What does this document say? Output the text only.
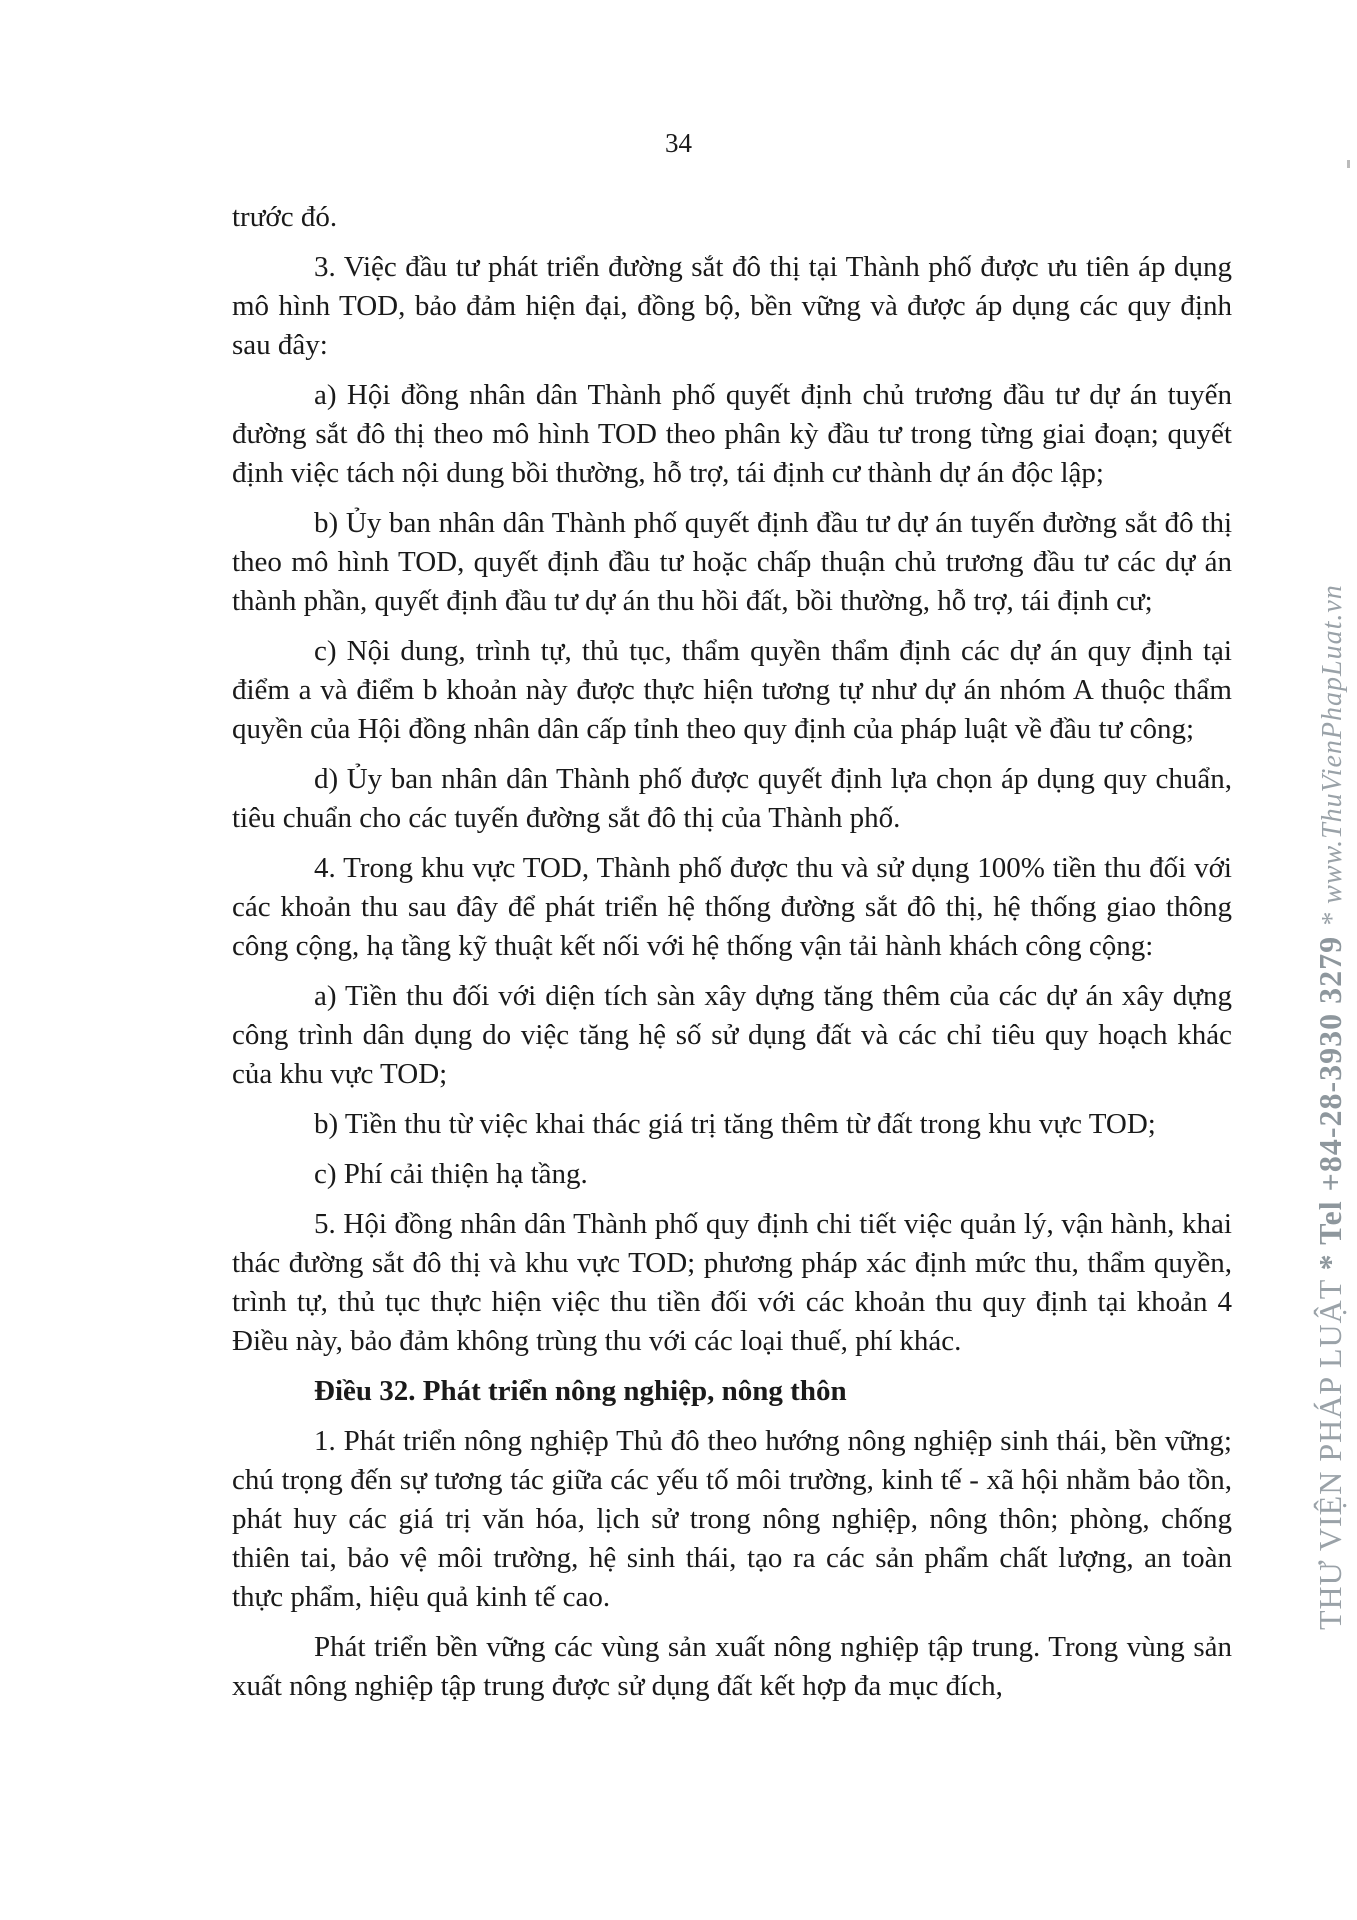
34

trước đó.

3. Việc đầu tư phát triển đường sắt đô thị tại Thành phố được ưu tiên áp dụng mô hình TOD, bảo đảm hiện đại, đồng bộ, bền vững và được áp dụng các quy định sau đây:

a) Hội đồng nhân dân Thành phố quyết định chủ trương đầu tư dự án tuyến đường sắt đô thị theo mô hình TOD theo phân kỳ đầu tư trong từng giai đoạn; quyết định việc tách nội dung bồi thường, hỗ trợ, tái định cư thành dự án độc lập;

b) Ủy ban nhân dân Thành phố quyết định đầu tư dự án tuyến đường sắt đô thị theo mô hình TOD, quyết định đầu tư hoặc chấp thuận chủ trương đầu tư các dự án thành phần, quyết định đầu tư dự án thu hồi đất, bồi thường, hỗ trợ, tái định cư;

c) Nội dung, trình tự, thủ tục, thẩm quyền thẩm định các dự án quy định tại điểm a và điểm b khoản này được thực hiện tương tự như dự án nhóm A thuộc thẩm quyền của Hội đồng nhân dân cấp tỉnh theo quy định của pháp luật về đầu tư công;

d) Ủy ban nhân dân Thành phố được quyết định lựa chọn áp dụng quy chuẩn, tiêu chuẩn cho các tuyến đường sắt đô thị của Thành phố.

4. Trong khu vực TOD, Thành phố được thu và sử dụng 100% tiền thu đối với các khoản thu sau đây để phát triển hệ thống đường sắt đô thị, hệ thống giao thông công cộng, hạ tầng kỹ thuật kết nối với hệ thống vận tải hành khách công cộng:

a) Tiền thu đối với diện tích sàn xây dựng tăng thêm của các dự án xây dựng công trình dân dụng do việc tăng hệ số sử dụng đất và các chỉ tiêu quy hoạch khác của khu vực TOD;

b) Tiền thu từ việc khai thác giá trị tăng thêm từ đất trong khu vực TOD;

c) Phí cải thiện hạ tầng.

5. Hội đồng nhân dân Thành phố quy định chi tiết việc quản lý, vận hành, khai thác đường sắt đô thị và khu vực TOD; phương pháp xác định mức thu, thẩm quyền, trình tự, thủ tục thực hiện việc thu tiền đối với các khoản thu quy định tại khoản 4 Điều này, bảo đảm không trùng thu với các loại thuế, phí khác.

Điều 32. Phát triển nông nghiệp, nông thôn

1. Phát triển nông nghiệp Thủ đô theo hướng nông nghiệp sinh thái, bền vững; chú trọng đến sự tương tác giữa các yếu tố môi trường, kinh tế - xã hội nhằm bảo tồn, phát huy các giá trị văn hóa, lịch sử trong nông nghiệp, nông thôn; phòng, chống thiên tai, bảo vệ môi trường, hệ sinh thái, tạo ra các sản phẩm chất lượng, an toàn thực phẩm, hiệu quả kinh tế cao.

Phát triển bền vững các vùng sản xuất nông nghiệp tập trung. Trong vùng sản xuất nông nghiệp tập trung được sử dụng đất kết hợp đa mục đích,

THƯ VIỆN PHÁP LUẬT * Tel +84-28-3930 3279 * www.ThuVienPhapLuat.vn
